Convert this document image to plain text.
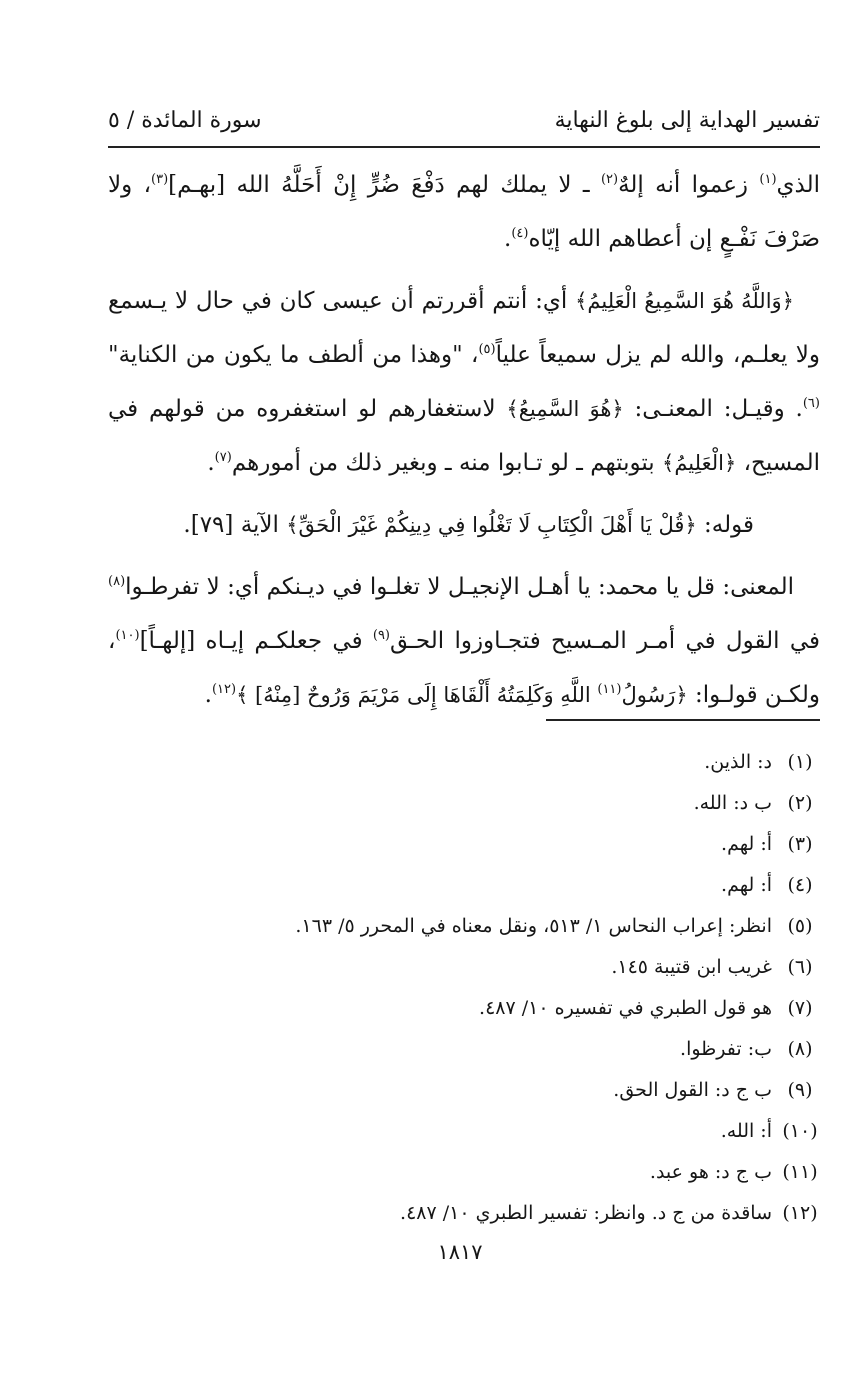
تفسير الهداية إلى بلوغ النهاية
سورة المائدة / ٥

الذي$^{(١)}$ زعموا أنه إلهٌ$^{(٢)}$ ـ لا يملك لهم دَفْعَ ضُرٍّ إِنْ أَحَلَّهُ الله [بهـم]$^{(٣)}$، ولا صَرْفَ نَفْـعٍ إن أعطاهم الله إيّاه$^{(٤)}$.

﴿وَاللَّهُ هُوَ السَّمِيعُ الْعَلِيمُ﴾ أي: أنتم أقررتم أن عيسى كان في حال لا يـسمع ولا يعلـم، والله لم يزل سميعاً علياً$^{(٥)}$، "وهذا من ألطف ما يكون من الكناية"$^{(٦)}$. وقيـل: المعنـى: ﴿هُوَ السَّمِيعُ﴾ لاستغفارهم لو استغفروه من قولهم في المسيح، ﴿الْعَلِيمُ﴾ بتوبتهم ـ لو تـابوا منه ـ وبغير ذلك من أمورهم$^{(٧)}$.

قوله: ﴿قُلْ يَا أَهْلَ الْكِتَابِ لَا تَغْلُوا فِي دِينِكُمْ غَيْرَ الْحَقِّ﴾ الآية [٧٩].

المعنى: قل يا محمد: يا أهـل الإنجيـل لا تغلـوا في ديـنكم أي: لا تفرطـوا$^{(٨)}$ في القول في أمـر المـسيح فتجـاوزوا الحـق$^{(٩)}$ في جعلكـم إيـاه [إلهـاً]$^{(١٠)}$، ولكـن قولـوا: ﴿رَسُولُ$^{(١١)}$ اللَّهِ وَكَلِمَتُهُ أَلْقَاهَا إِلَى مَرْيَمَ وَرُوحٌ [مِنْهُ] ﴾$^{(١٢)}$.

(١)د: الذين.
(٢)ب د: الله.
(٣)أ: لهم.
(٤)أ: لهم.
(٥)انظر: إعراب النحاس ١/ ٥١٣، ونقل معناه في المحرر ٥/ ١٦٣.
(٦)غريب ابن قتيبة ١٤٥.
(٧)هو قول الطبري في تفسيره ١٠/ ٤٨٧.
(٨)ب: تفرظوا.
(٩)ب ج د: القول الحق.
(١٠)أ: الله.
(١١)ب ج د: هو عبد.
(١٢)ساقدة من ج د. وانظر: تفسير الطبري ١٠/ ٤٨٧.
١٨١٧
